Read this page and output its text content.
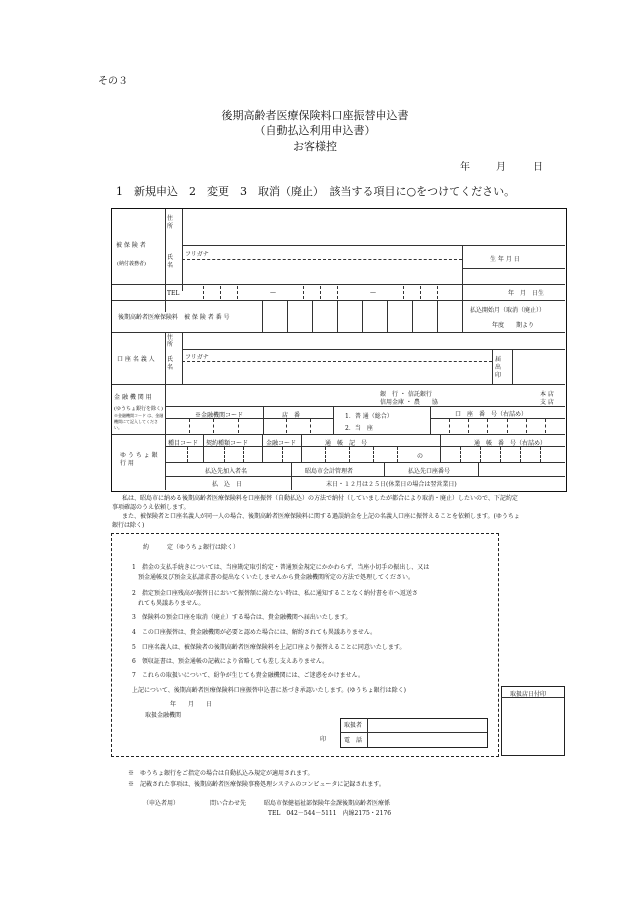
その３
後期高齢者医療保険料口座振替申込書
（自動払込利用申込書）
お客様控
年	月	日
1　新規申込　2　変更　3　取消（廃止）　該当する項目に○をつけてください。
被 保 険 者
(納付義務者)
住　所
氏　名
フリガナ
生 年 月 日
年　月　日生
TEL	—	—
後期高齢者医療保険料　被 保 険 者 番 号
払込開始月（取消（廃止））
年度　　期より
口 座 名 義 人
住　所
氏　名
フリガナ	届出印
金 融 機 関 用
(ゆうちょ銀行を除く)
※金融機関コード は、金融機関にて記入してください。
銀　行 ・ 信託銀行
信用金庫 ・ 農　　協
本 店
支 店
※金融機関コード	店　番	1．普 通（総合）
2．当　座
口　座　番　号（右詰め）
ゆ う ち ょ 銀 行 用
種目コード 契約種類コード	金融コード	通　帳　記　号	通　帳　番　号（右詰め）
の
払込先加入者名	昭島市会計管理者	払込先口座番号
払　込　日	末日・１２月は２５日(休業日の場合は翌営業日)
私は、昭島市に納める後期高齢者医療保険料を口座振替（自動払込）の方法で納付（していましたが都合により取消・廃止）したいので、下記約定
事項確認のうえ依頼します。
また、被保険者と口座名義人が同一人の場合、後期高齢者医療保険料に関する過誤納金を上記の名義人口座に振替えることを依頼します。(ゆうちょ
銀行は除く)
約　　　定（ゆうちょ銀行は除く）
1　指金の支払手続きについては、当座勘定取引約定・普通預金規定にかかわらず、当座小切手の振出し、又は
　預金通帳及び預金支払請求書の提出なくいたしませんから貴金融機関所定の方法で処理してください。
2　指定預金口座残高が振替日において振替額に満たない時は、私に通知することなく納付書を市へ返送さ
　れても異議ありません。
3　保険料の預金口座を取消（廃止）する場合は、貴金融機関へ届出いたします。
4　この口座振替は、貴金融機関が必要と認めた場合には、解約されても異議ありません。
5　口座名義人は、被保険者の後期高齢者医療保険料を上記口座より振替えることに同意いたします。
6　領収証書は、預金通帳の記載により省略しても差し支えありません。
7　これらの取扱いについて、紛争が生じても貴金融機関には、ご迷惑をかけません。
上記について、後期高齢者医療保険料口座振替申込書に基づき承認いたします。(ゆうちょ銀行は除く)
年　　月　　日
取扱金融機関
印
取扱者
電　話
取扱店日付印
※　ゆうちょ銀行をご指定の場合は自動払込み規定が適用されます。
※　記載された事項は、後期高齢者医療保険事務処理システムのコンピュータに記録されます。
（申込者用）	問い合わせ先	昭島市保健福祉部保険年金課後期高齢者医療係
TEL　042－544－5111　内線2175・2176
